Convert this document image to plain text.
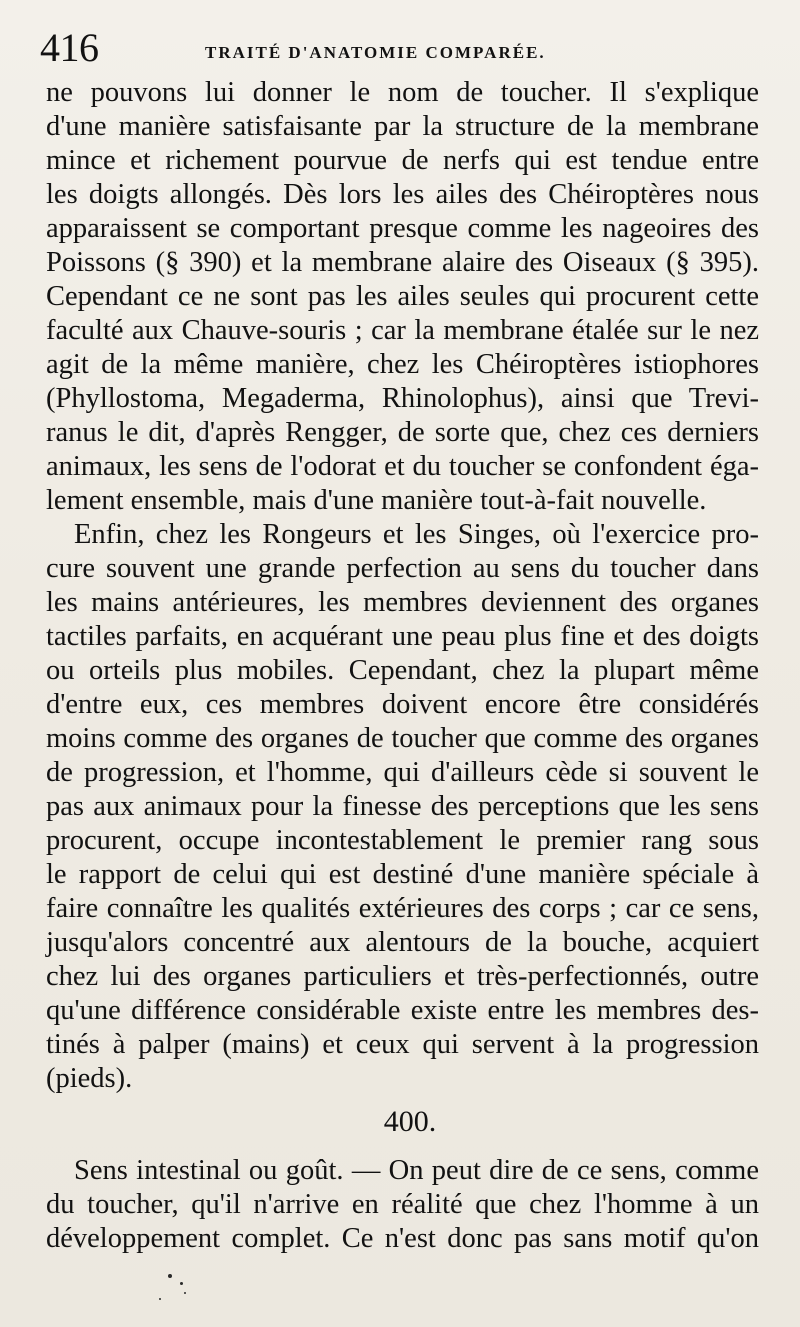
416	TRAITÉ D'ANATOMIE COMPARÉE.
ne pouvons lui donner le nom de toucher. Il s'explique
d'une manière satisfaisante par la structure de la membrane
mince et richement pourvue de nerfs qui est tendue entre
les doigts allongés. Dès lors les ailes des Chéiroptères nous
apparaissent se comportant presque comme les nageoires des
Poissons (§ 390) et la membrane alaire des Oiseaux (§ 395).
Cependant ce ne sont pas les ailes seules qui procurent cette
faculté aux Chauve-souris ; car la membrane étalée sur le nez
agit de la même manière, chez les Chéiroptères istiophores
(Phyllostoma, Megaderma, Rhinolophus), ainsi que Trevi-
ranus le dit, d'après Rengger, de sorte que, chez ces derniers
animaux, les sens de l'odorat et du toucher se confondent éga-
lement ensemble, mais d'une manière tout-à-fait nouvelle.
Enfin, chez les Rongeurs et les Singes, où l'exercice pro-
cure souvent une grande perfection au sens du toucher dans
les mains antérieures, les membres deviennent des organes
tactiles parfaits, en acquérant une peau plus fine et des doigts
ou orteils plus mobiles. Cependant, chez la plupart même
d'entre eux, ces membres doivent encore être considérés
moins comme des organes de toucher que comme des organes
de progression, et l'homme, qui d'ailleurs cède si souvent le
pas aux animaux pour la finesse des perceptions que les sens
procurent, occupe incontestablement le premier rang sous
le rapport de celui qui est destiné d'une manière spéciale à
faire connaître les qualités extérieures des corps ; car ce sens,
jusqu'alors concentré aux alentours de la bouche, acquiert
chez lui des organes particuliers et très-perfectionnés, outre
qu'une différence considérable existe entre les membres des-
tinés à palper (mains) et ceux qui servent à la progression
(pieds).
400.
Sens intestinal ou goût. — On peut dire de ce sens, comme
du toucher, qu'il n'arrive en réalité que chez l'homme à un
développement complet. Ce n'est donc pas sans motif qu'on
